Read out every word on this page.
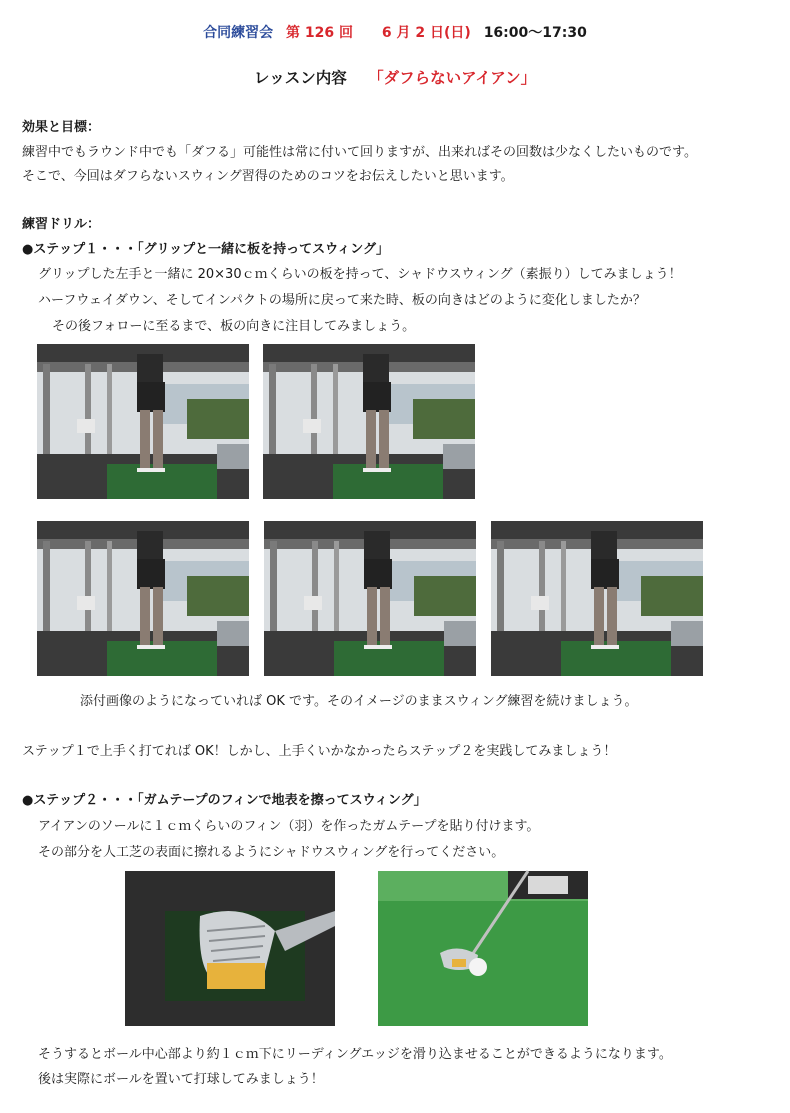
合同練習会 第 126 回 6 月 2 日(日) 16:00～17:30
レッスン内容 「ダフらないアイアン」
効果と目標：
練習中でもラウンド中でも「ダフる」可能性は常に付いて回りますが、出来ればその回数は少なくしたいものです。
そこで、今回はダフらないスウィング習得のためのコツをお伝えしたいと思います。
練習ドリル：
●ステップ１・・・「グリップと一緒に板を持ってスウィング」
グリップした左手と一緒に 20×30ｃｍくらいの板を持って、シャドウスウィング（素振り）してみましょう！
ハーフウェイダウン、そしてインパクトの場所に戻って来た時、板の向きはどのように変化しましたか？
その後フォローに至るまで、板の向きに注目してみましょう。
添付画像のようになっていれば OK です。そのイメージのままスウィング練習を続けましょう。
ステップ１で上手く打てれば OK！しかし、上手くいかなかったらステップ２を実践してみましょう！
●ステップ２・・・「ガムテープのフィンで地表を擦ってスウィング」
アイアンのソールに１ｃｍくらいのフィン（羽）を作ったガムテープを貼り付けます。
その部分を人工芝の表面に擦れるようにシャドウスウィングを行ってください。
そうするとボール中心部より約１ｃｍ下にリーディングエッジを滑り込ませることができるようになります。
後は実際にボールを置いて打球してみましょう！
